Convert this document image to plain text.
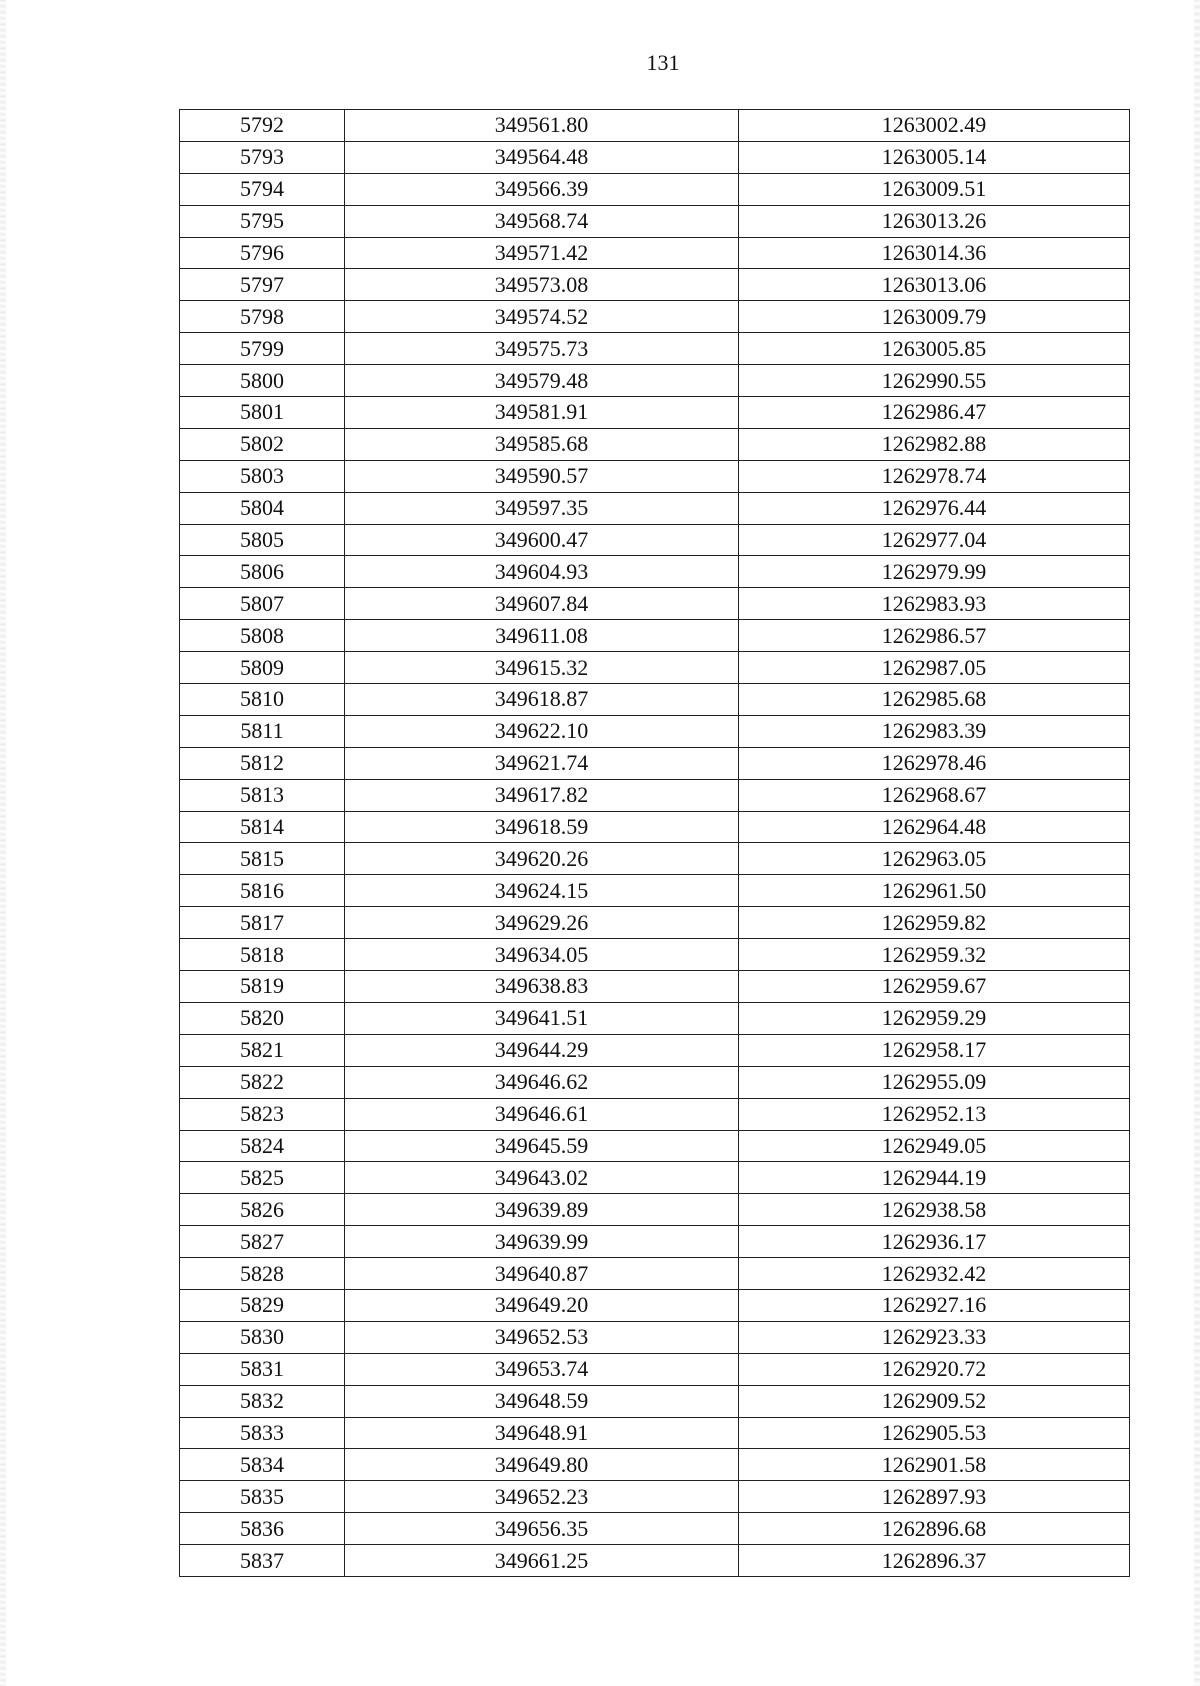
131
5792	349561.80	1263002.49
5793	349564.48	1263005.14
5794	349566.39	1263009.51
5795	349568.74	1263013.26
5796	349571.42	1263014.36
5797	349573.08	1263013.06
5798	349574.52	1263009.79
5799	349575.73	1263005.85
5800	349579.48	1262990.55
5801	349581.91	1262986.47
5802	349585.68	1262982.88
5803	349590.57	1262978.74
5804	349597.35	1262976.44
5805	349600.47	1262977.04
5806	349604.93	1262979.99
5807	349607.84	1262983.93
5808	349611.08	1262986.57
5809	349615.32	1262987.05
5810	349618.87	1262985.68
5811	349622.10	1262983.39
5812	349621.74	1262978.46
5813	349617.82	1262968.67
5814	349618.59	1262964.48
5815	349620.26	1262963.05
5816	349624.15	1262961.50
5817	349629.26	1262959.82
5818	349634.05	1262959.32
5819	349638.83	1262959.67
5820	349641.51	1262959.29
5821	349644.29	1262958.17
5822	349646.62	1262955.09
5823	349646.61	1262952.13
5824	349645.59	1262949.05
5825	349643.02	1262944.19
5826	349639.89	1262938.58
5827	349639.99	1262936.17
5828	349640.87	1262932.42
5829	349649.20	1262927.16
5830	349652.53	1262923.33
5831	349653.74	1262920.72
5832	349648.59	1262909.52
5833	349648.91	1262905.53
5834	349649.80	1262901.58
5835	349652.23	1262897.93
5836	349656.35	1262896.68
5837	349661.25	1262896.37
